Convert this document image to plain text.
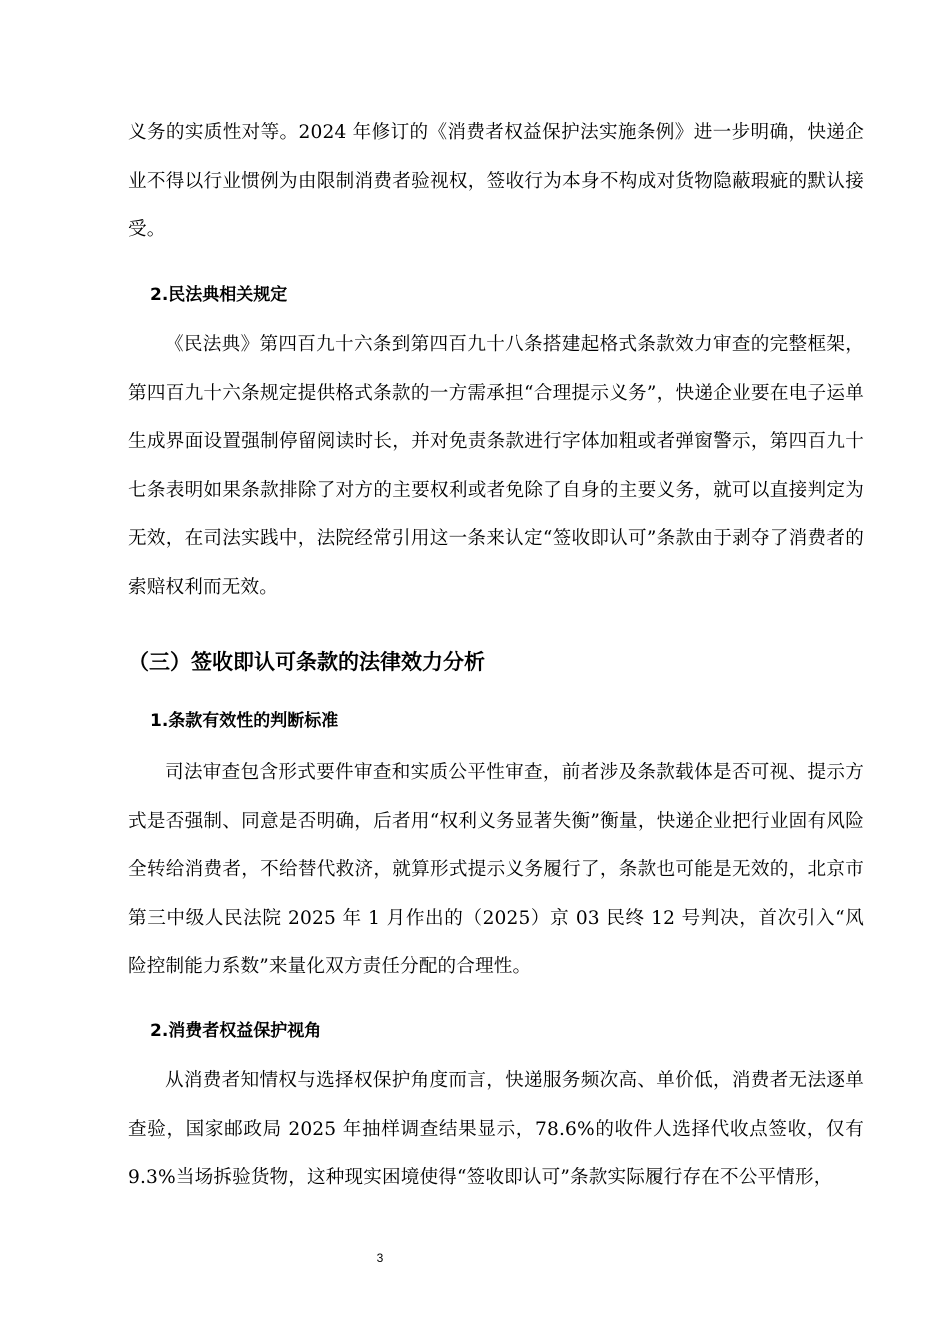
义务的实质性对等。2024 年修订的《消费者权益保护法实施条例》进一步明确，快递企业不得以行业惯例为由限制消费者验视权，签收行为本身不构成对货物隐蔽瑕疵的默认接受。

2.民法典相关规定

《民法典》第四百九十六条到第四百九十八条搭建起格式条款效力审查的完整框架，第四百九十六条规定提供格式条款的一方需承担“合理提示义务”，快递企业要在电子运单生成界面设置强制停留阅读时长，并对免责条款进行字体加粗或者弹窗警示，第四百九十七条表明如果条款排除了对方的主要权利或者免除了自身的主要义务，就可以直接判定为无效，在司法实践中，法院经常引用这一条来认定“签收即认可”条款由于剥夺了消费者的索赔权利而无效。

（三）签收即认可条款的法律效力分析

1.条款有效性的判断标准

司法审查包含形式要件审查和实质公平性审查，前者涉及条款载体是否可视、提示方式是否强制、同意是否明确，后者用“权利义务显著失衡”衡量，快递企业把行业固有风险全转给消费者，不给替代救济，就算形式提示义务履行了，条款也可能是无效的，北京市第三中级人民法院 2025 年 1 月作出的（2025）京 03 民终 12 号判决，首次引入“风险控制能力系数”来量化双方责任分配的合理性。

2.消费者权益保护视角

从消费者知情权与选择权保护角度而言，快递服务频次高、单价低，消费者无法逐单查验，国家邮政局 2025 年抽样调查结果显示，78.6%的收件人选择代收点签收，仅有 9.3%当场拆验货物，这种现实困境使得“签收即认可”条款实际履行存在不公平情形，

3
